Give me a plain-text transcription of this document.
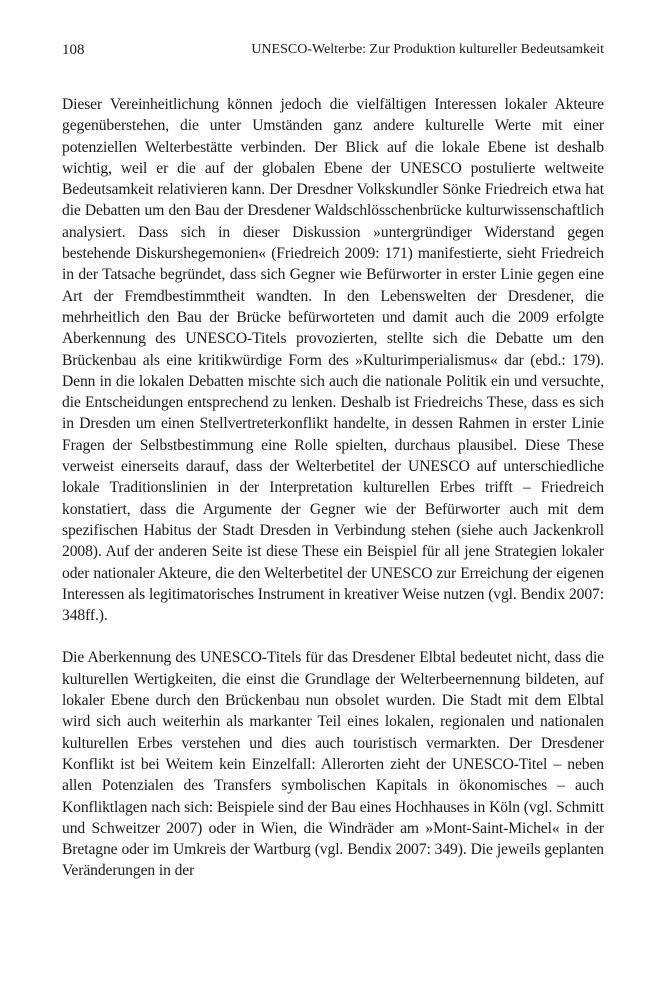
108	UNESCO-Welterbe: Zur Produktion kultureller Bedeutsamkeit

Dieser Vereinheitlichung können jedoch die vielfältigen Interessen lokaler Akteure gegenüberstehen, die unter Umständen ganz andere kulturelle Werte mit einer potenziellen Welterbestätte verbinden. Der Blick auf die lokale Ebene ist deshalb wichtig, weil er die auf der globalen Ebene der UNESCO postulierte weltweite Bedeutsamkeit relativieren kann. Der Dresdner Volkskundler Sönke Friedreich etwa hat die Debatten um den Bau der Dresdener Waldschlösschenbrücke kulturwissenschaftlich analysiert. Dass sich in dieser Diskussion »untergründiger Widerstand gegen bestehende Diskurshegemonien« (Friedreich 2009: 171) manifestierte, sieht Friedreich in der Tatsache begründet, dass sich Gegner wie Befürworter in erster Linie gegen eine Art der Fremdbestimmtheit wandten. In den Lebenswelten der Dresdener, die mehrheitlich den Bau der Brücke befürworteten und damit auch die 2009 erfolgte Aberkennung des UNESCO-Titels provozierten, stellte sich die Debatte um den Brückenbau als eine kritikwürdige Form des »Kulturimperialismus« dar (ebd.: 179). Denn in die lokalen Debatten mischte sich auch die nationale Politik ein und versuchte, die Entscheidungen entsprechend zu lenken. Deshalb ist Friedreichs These, dass es sich in Dresden um einen Stellvertreterkonflikt handelte, in dessen Rahmen in erster Linie Fragen der Selbstbestimmung eine Rolle spielten, durchaus plausibel. Diese These verweist einerseits darauf, dass der Welterbetitel der UNESCO auf unterschiedliche lokale Traditionslinien in der Interpretation kulturellen Erbes trifft – Friedreich konstatiert, dass die Argumente der Gegner wie der Befürworter auch mit dem spezifischen Habitus der Stadt Dresden in Verbindung stehen (siehe auch Jackenkroll 2008). Auf der anderen Seite ist diese These ein Beispiel für all jene Strategien lokaler oder nationaler Akteure, die den Welterbetitel der UNESCO zur Erreichung der eigenen Interessen als legitimatorisches Instrument in kreativer Weise nutzen (vgl. Bendix 2007: 348ff.).

Die Aberkennung des UNESCO-Titels für das Dresdener Elbtal bedeutet nicht, dass die kulturellen Wertigkeiten, die einst die Grundlage der Welterbeernennung bildeten, auf lokaler Ebene durch den Brückenbau nun obsolet wurden. Die Stadt mit dem Elbtal wird sich auch weiterhin als markanter Teil eines lokalen, regionalen und nationalen kulturellen Erbes verstehen und dies auch touristisch vermarkten. Der Dresdener Konflikt ist bei Weitem kein Einzelfall: Allerorten zieht der UNESCO-Titel – neben allen Potenzialen des Transfers symbolischen Kapitals in ökonomisches – auch Konfliktlagen nach sich: Beispiele sind der Bau eines Hochhauses in Köln (vgl. Schmitt und Schweitzer 2007) oder in Wien, die Windräder am »Mont-Saint-Michel« in der Bretagne oder im Umkreis der Wartburg (vgl. Bendix 2007: 349). Die jeweils geplanten Veränderungen in der
